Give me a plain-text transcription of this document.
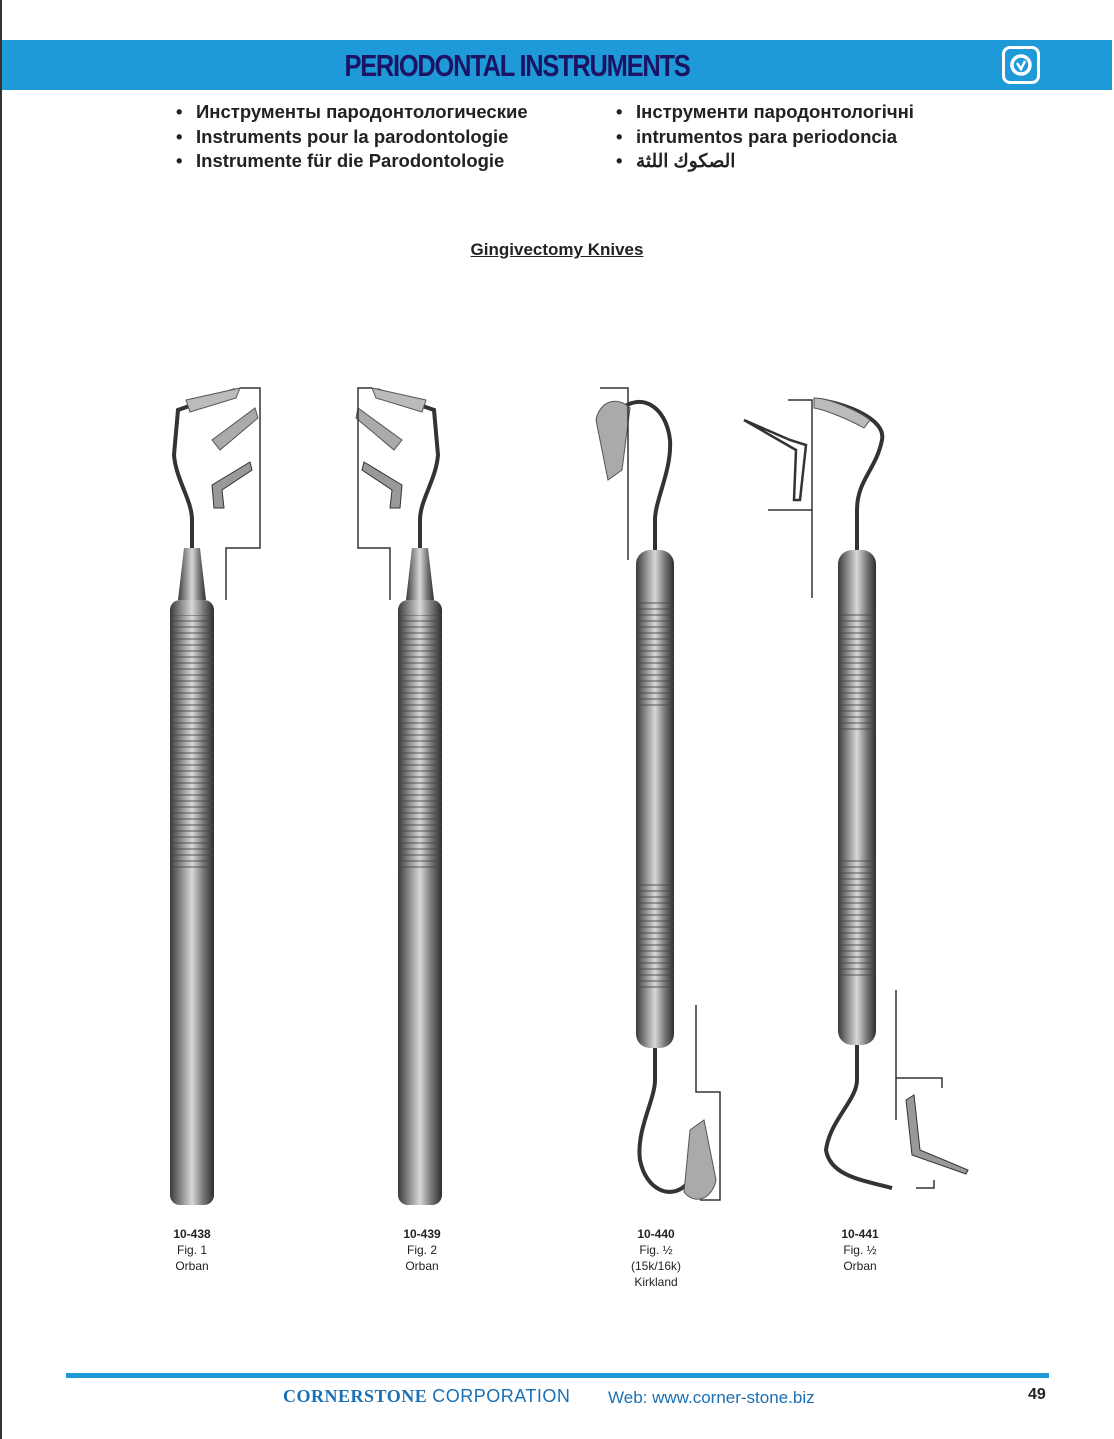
PERIODONTAL INSTRUMENTS
• Инструменты пародонтологические
• Instruments pour la parodontologie
• Instrumente für die Parodontologie
• Інструменти пародонтологічні
• intrumentos para periodoncia
• الصكوك اللثة
Gingivectomy Knives
10-438
Fig. 1
Orban
10-439
Fig. 2
Orban
10-440
Fig. ½
(15k/16k)
Kirkland
10-441
Fig. ½
Orban
CORNERSTONE CORPORATION Web: www.corner-stone.biz	49
